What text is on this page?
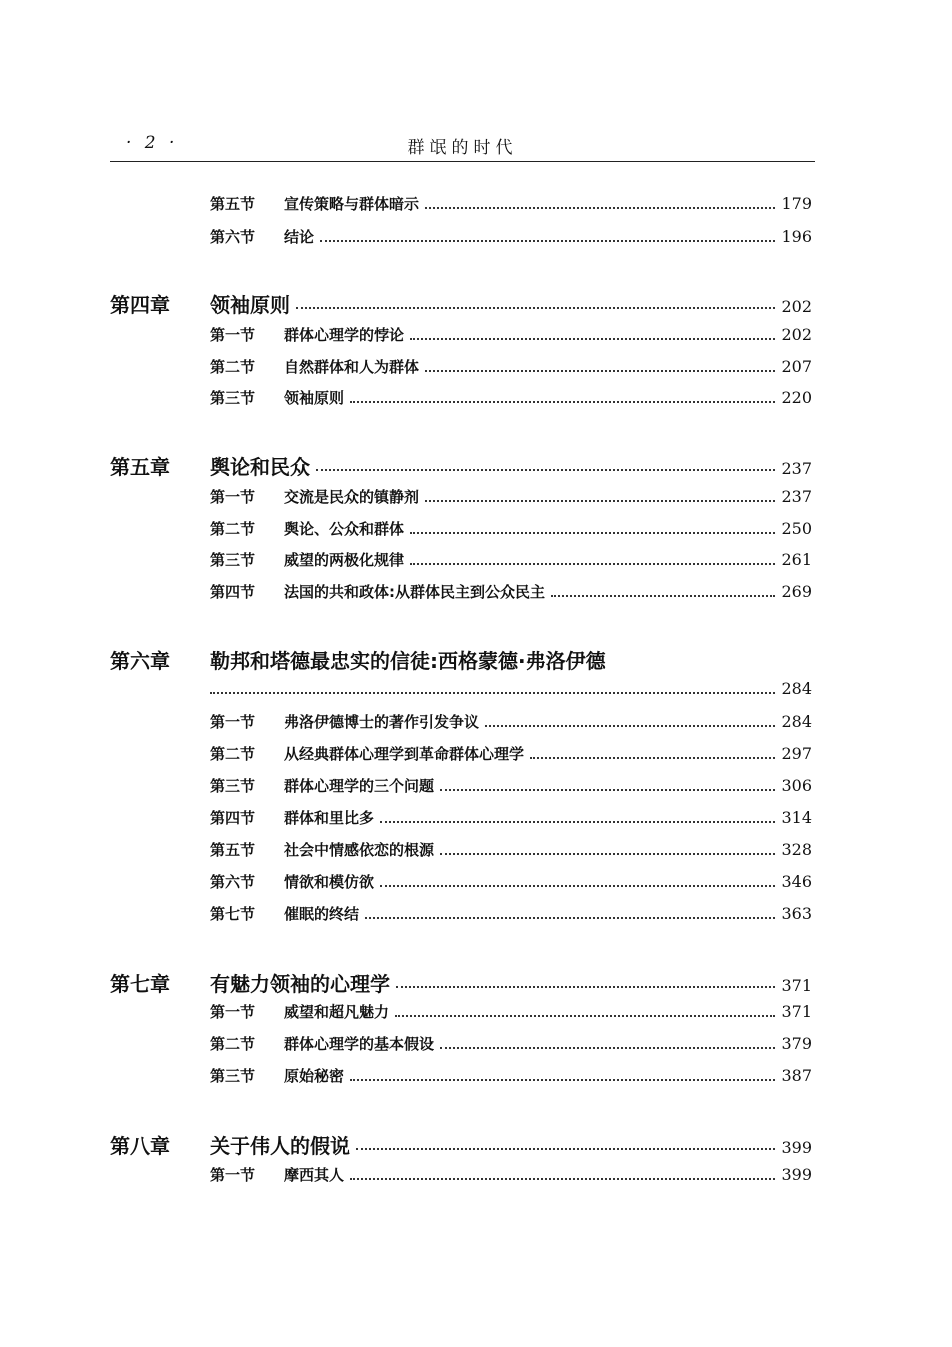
· 2 ·	群氓的时代
第五节	宣传策略与群体暗示	179
第六节	结论	196
第四章	领袖原则	202
第一节	群体心理学的悖论	202
第二节	自然群体和人为群体	207
第三节	领袖原则	220
第五章	舆论和民众	237
第一节	交流是民众的镇静剂	237
第二节	舆论、公众和群体	250
第三节	威望的两极化规律	261
第四节	法国的共和政体:从群体民主到公众民主	269
第六章	勒邦和塔德最忠实的信徒:西格蒙德·弗洛伊德
284
第一节	弗洛伊德博士的著作引发争议	284
第二节	从经典群体心理学到革命群体心理学	297
第三节	群体心理学的三个问题	306
第四节	群体和里比多	314
第五节	社会中情感依恋的根源	328
第六节	情欲和模仿欲	346
第七节	催眠的终结	363
第七章	有魅力领袖的心理学	371
第一节	威望和超凡魅力	371
第二节	群体心理学的基本假设	379
第三节	原始秘密	387
第八章	关于伟人的假说	399
第一节	摩西其人	399
